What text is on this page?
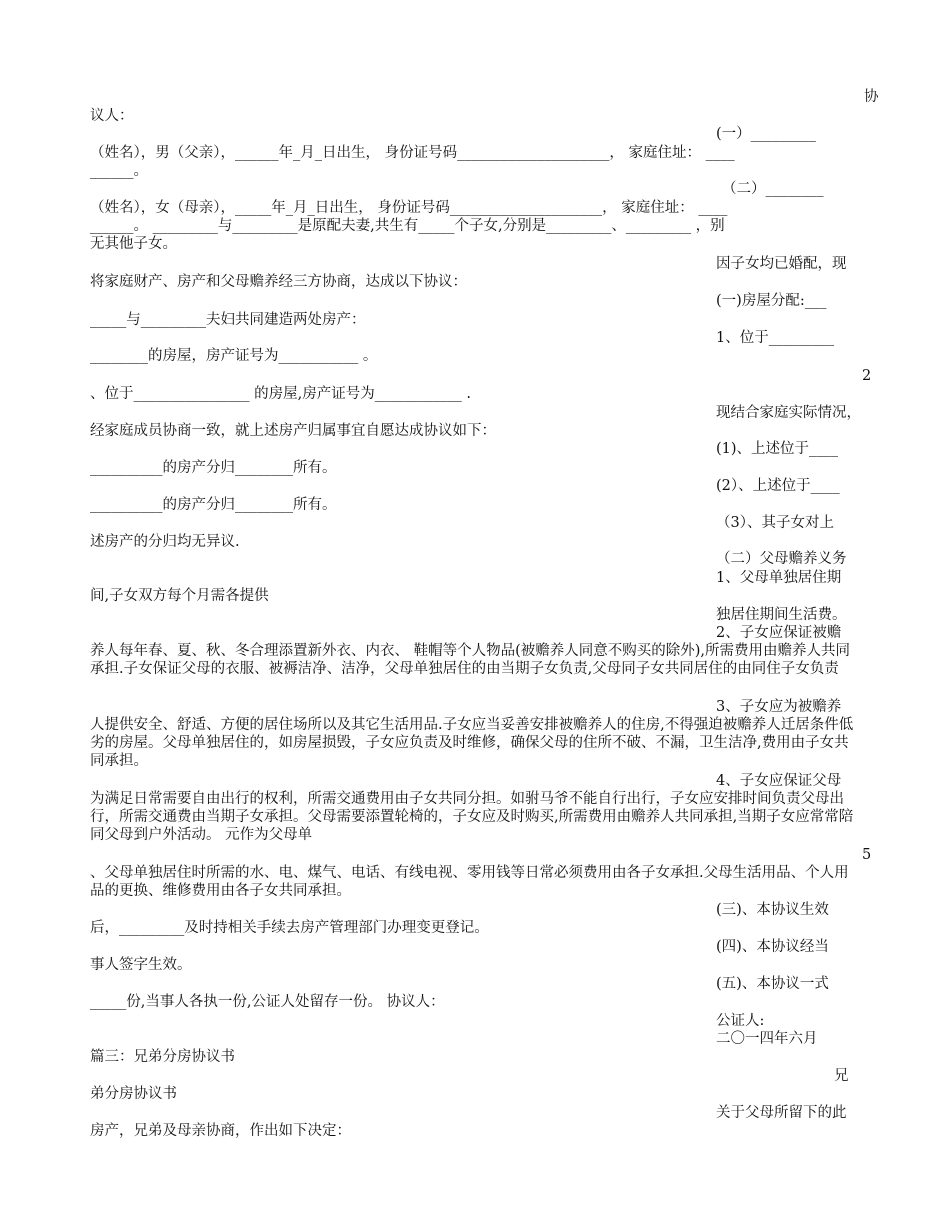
协
议人：
(一）_________
（姓名），男（父亲），______年_月_日出生， 身份证号码_____________________， 家庭住址： ____
______。
（二）________
（姓名），女（母亲），_____年_月_日出生， 身份证号码_____________________， 家庭住址： ____
______。 _________与_________是原配夫妻,共生有_____个子女,分别是_________、_________ ，别
无其他子女。
因子女均已婚配，现
将家庭财产、房产和父母赡养经三方协商，达成以下协议：
(一)房屋分配:___
_____与_________夫妇共同建造两处房产：
1、位于_________
________的房屋，房产证号为___________ 。
2
、位于________________ 的房屋,房产证号为____________ .
现结合家庭实际情况，
经家庭成员协商一致，就上述房产归属事宜自愿达成协议如下：
(1)、上述位于____
__________的房产分归________所有。
(2）、上述位于____
__________的房产分归________所有。
（3）、其子女对上
述房产的分归均无异议.
（二）父母赡养义务
1、父母单独居住期
间,子女双方每个月需各提供
独居住期间生活费。
2、子女应保证被赡
养人每年春、夏、秋、冬合理添置新外衣、内衣、 鞋帽等个人物品(被赡养人同意不购买的除外),所需费用由赡养人共同承担.子女保证父母的衣服、被褥洁净、洁净，父母单独居住的由当期子女负责,父母同子女共同居住的由同住子女负责
3、子女应为被赡养
人提供安全、舒适、方便的居住场所以及其它生活用品.子女应当妥善安排被赡养人的住房,不得强迫被赡养人迁居条件低劣的房屋。父母单独居住的，如房屋损毁，子女应负责及时维修，确保父母的住所不破、不漏，卫生洁净,费用由子女共同承担。
4、子女应保证父母
为满足日常需要自由出行的权利，所需交通费用由子女共同分担。如驸马爷不能自行出行，子女应安排时间负责父母出行，所需交通费由当期子女承担。父母需要添置轮椅的，子女应及时购买,所需费用由赡养人共同承担,当期子女应常常陪同父母到户外活动。 元作为父母单
5
、父母单独居住时所需的水、电、煤气、电话、有线电视、零用钱等日常必须费用由各子女承担.父母生活用品、个人用品的更换、维修费用由各子女共同承担。
(三)、本协议生效
后，_________及时持相关手续去房产管理部门办理变更登记。
(四)、本协议经当
事人签字生效。
(五)、本协议一式
_____份,当事人各执一份,公证人处留存一份。 协议人：
公证人:
二〇一四年六月
篇三：兄弟分房协议书
兄
弟分房协议书
关于父母所留下的此
房产，兄弟及母亲协商，作出如下决定：
